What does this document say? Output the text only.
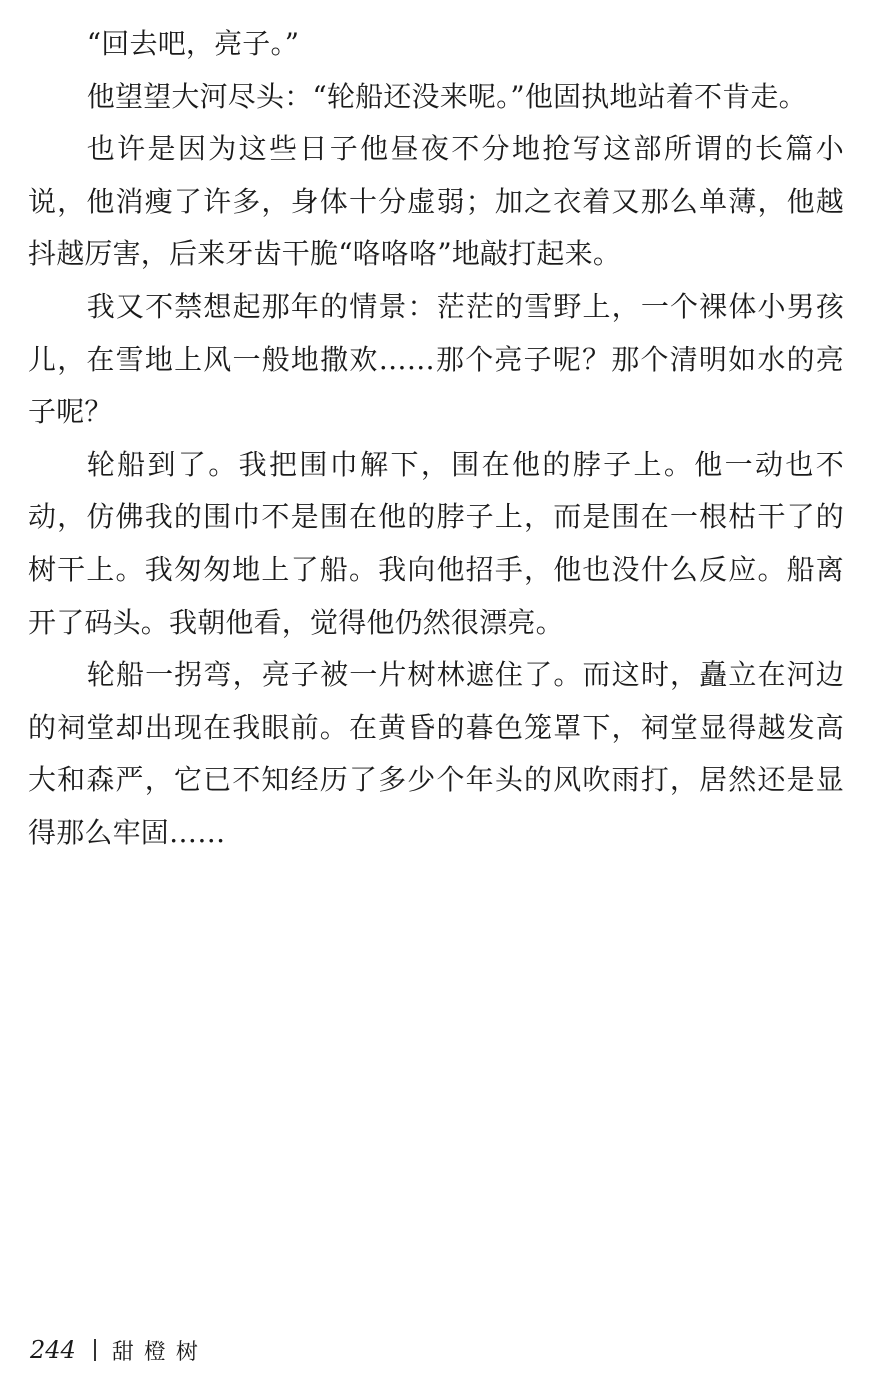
“回去吧，亮子。”

他望望大河尽头：“轮船还没来呢。”他固执地站着不肯走。

也许是因为这些日子他昼夜不分地抢写这部所谓的长篇小说，他消瘦了许多，身体十分虚弱；加之衣着又那么单薄，他越抖越厉害，后来牙齿干脆“咯咯咯”地敲打起来。

我又不禁想起那年的情景：茫茫的雪野上，一个裸体小男孩儿，在雪地上风一般地撒欢……那个亮子呢？那个清明如水的亮子呢？

轮船到了。我把围巾解下，围在他的脖子上。他一动也不动，仿佛我的围巾不是围在他的脖子上，而是围在一根枯干了的树干上。我匆匆地上了船。我向他招手，他也没什么反应。船离开了码头。我朝他看，觉得他仍然很漂亮。

轮船一拐弯，亮子被一片树林遮住了。而这时，矗立在河边的祠堂却出现在我眼前。在黄昏的暮色笼罩下，祠堂显得越发高大和森严，它已不知经历了多少个年头的风吹雨打，居然还是显得那么牢固……

244 甜橙树
